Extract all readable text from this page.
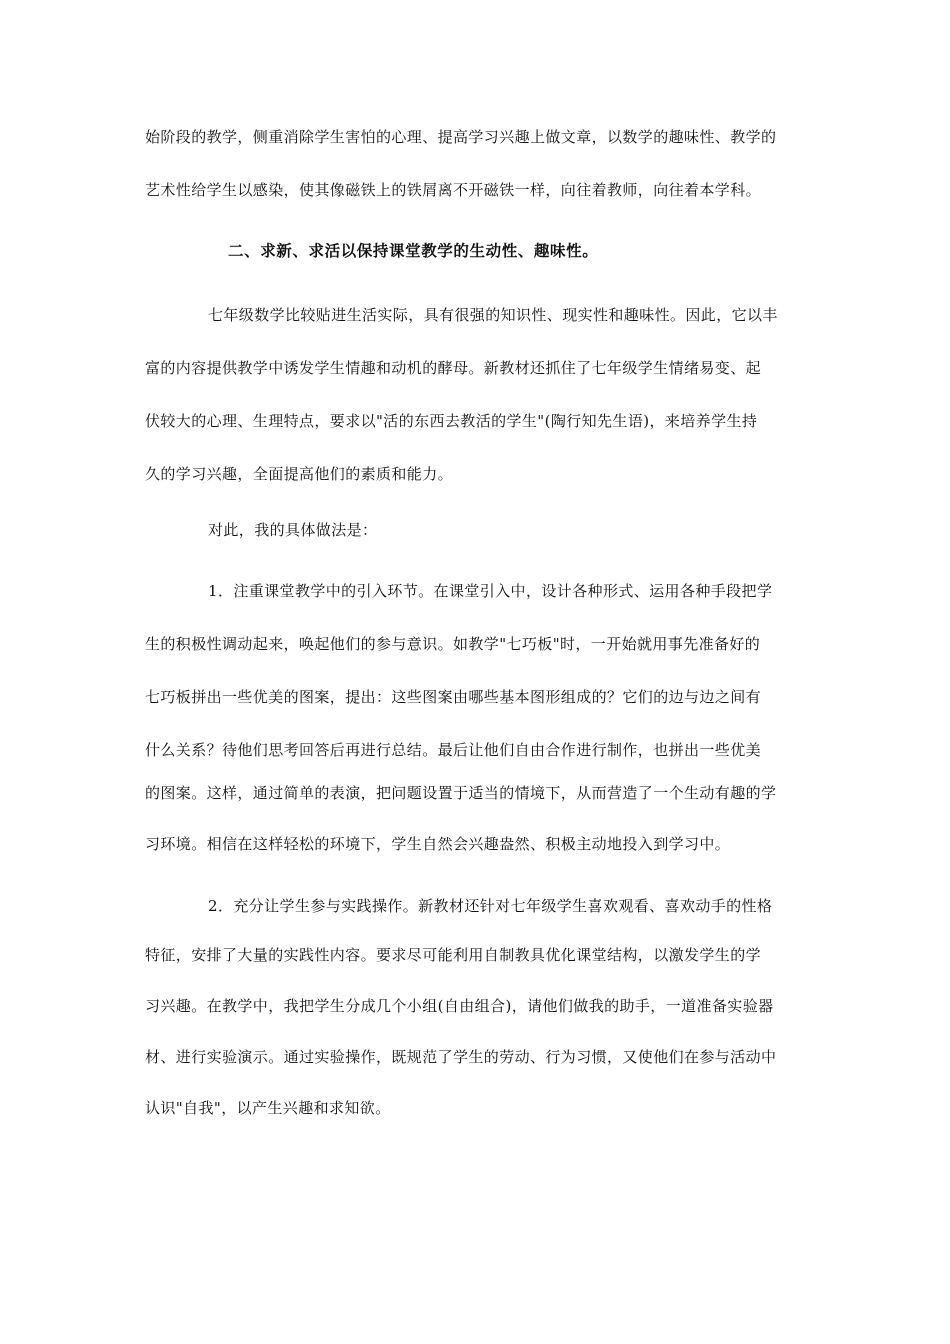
始阶段的教学，侧重消除学生害怕的心理、提高学习兴趣上做文章，以数学的趣味性、教学的
艺术性给学生以感染，使其像磁铁上的铁屑离不开磁铁一样，向往着教师，向往着本学科。
二、求新、求活以保持课堂教学的生动性、趣味性。
七年级数学比较贴进生活实际，具有很强的知识性、现实性和趣味性。因此，它以丰
富的内容提供教学中诱发学生情趣和动机的酵母。新教材还抓住了七年级学生情绪易变、起
伏较大的心理、生理特点，要求以"活的东西去教活的学生"(陶行知先生语)，来培养学生持
久的学习兴趣，全面提高他们的素质和能力。
对此，我的具体做法是：
1．注重课堂教学中的引入环节。在课堂引入中，设计各种形式、运用各种手段把学
生的积极性调动起来，唤起他们的参与意识。如教学"七巧板"时，一开始就用事先准备好的
七巧板拼出一些优美的图案，提出：这些图案由哪些基本图形组成的？它们的边与边之间有
什么关系？待他们思考回答后再进行总结。最后让他们自由合作进行制作，也拼出一些优美
的图案。这样，通过简单的表演，把问题设置于适当的情境下，从而营造了一个生动有趣的学
习环境。相信在这样轻松的环境下，学生自然会兴趣盎然、积极主动地投入到学习中。
2．充分让学生参与实践操作。新教材还针对七年级学生喜欢观看、喜欢动手的性格
特征，安排了大量的实践性内容。要求尽可能利用自制教具优化课堂结构，以激发学生的学
习兴趣。在教学中，我把学生分成几个小组(自由组合)，请他们做我的助手，一道准备实验器
材、进行实验演示。通过实验操作，既规范了学生的劳动、行为习惯，又使他们在参与活动中
认识"自我"，以产生兴趣和求知欲。
